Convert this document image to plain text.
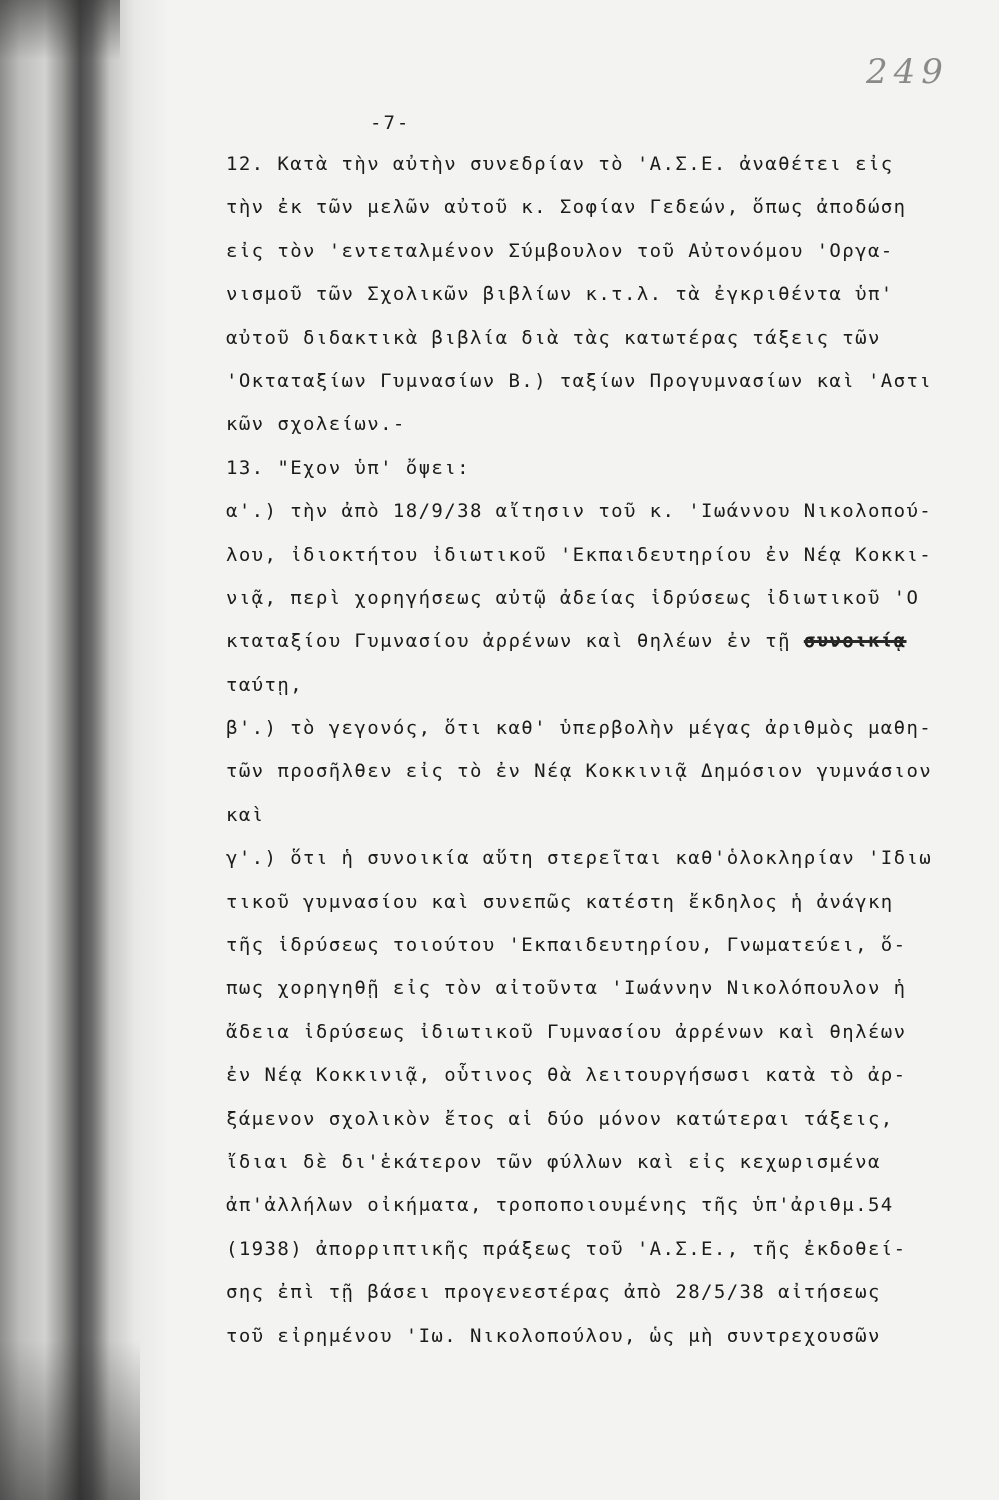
249
-7-
12. Κατὰ τὴν αὐτὴν συνεδρίαν τὸ 'Α.Σ.Ε. ἀναθέτει εἰς
τὴν ἐκ τῶν μελῶν αὐτοῦ κ. Σοφίαν Γεδεών, ὅπως ἀποδώση
εἰς τὸν 'εντεταλμένον Σύμβουλον τοῦ Αὐτονόμου 'Οργα-
νισμοῦ τῶν Σχολικῶν βιβλίων κ.τ.λ. τὰ ἐγκριθέντα ὑπ'
αὐτοῦ διδακτικὰ βιβλία διὰ τὰς κατωτέρας τάξεις τῶν
'Οκταταξίων Γυμνασίων Β.) ταξίων Προγυμνασίων καὶ 'Αστι
κῶν σχολείων.-
13. "Εχον ὑπ' ὄψει:
α'.) τὴν ἀπὸ 18/9/38 αἴτησιν τοῦ κ. 'Ιωάννου Νικολοπού-
λου, ἰδιοκτήτου ἰδιωτικοῦ 'Εκπαιδευτηρίου ἐν Νέᾳ Κοκκι-
νιᾷ, περὶ χορηγήσεως αὐτῷ ἀδείας ἱδρύσεως ἰδιωτικοῦ 'Ο
κταταξίου Γυμνασίου ἀρρένων καὶ θηλέων ἐν τῇ συνοικίᾳ
ταύτῃ,
β'.) τὸ γεγονός, ὅτι καθ' ὑπερβολὴν μέγας ἀριθμὸς μαθη-
τῶν προσῆλθεν εἰς τὸ ἐν Νέᾳ Κοκκινιᾷ Δημόσιον γυμνάσιον
καὶ
γ'.) ὅτι ἡ συνοικία αὕτη στερεῖται καθ'ὁλοκληρίαν 'Ιδιω
τικοῦ γυμνασίου καὶ συνεπῶς κατέστη ἔκδηλος ἡ ἀνάγκη
τῆς ἱδρύσεως τοιούτου 'Εκπαιδευτηρίου, Γνωματεύει, ὅ-
πως χορηγηθῇ εἰς τὸν αἰτοῦντα 'Ιωάννην Νικολόπουλον ἡ
ἄδεια ἱδρύσεως ἰδιωτικοῦ Γυμνασίου ἀρρένων καὶ θηλέων
ἐν Νέᾳ Κοκκινιᾷ, οὗτινος θὰ λειτουργήσωσι κατὰ τὸ ἀρ-
ξάμενον σχολικὸν ἔτος αἱ δύο μόνον κατώτεραι τάξεις,
ἴδιαι δὲ δι'ἑκάτερον τῶν φύλλων καὶ εἰς κεχωρισμένα
ἀπ'ἀλλήλων οἰκήματα, τροποποιουμένης τῆς ὑπ'ἀριθμ.54
(1938) ἀπορριπτικῆς πράξεως τοῦ 'Α.Σ.Ε., τῆς ἐκδοθεί-
σης ἐπὶ τῇ βάσει προγενεστέρας ἀπὸ 28/5/38 αἰτήσεως
τοῦ εἰρημένου 'Ιω. Νικολοπούλου, ὡς μὴ συντρεχουσῶν
